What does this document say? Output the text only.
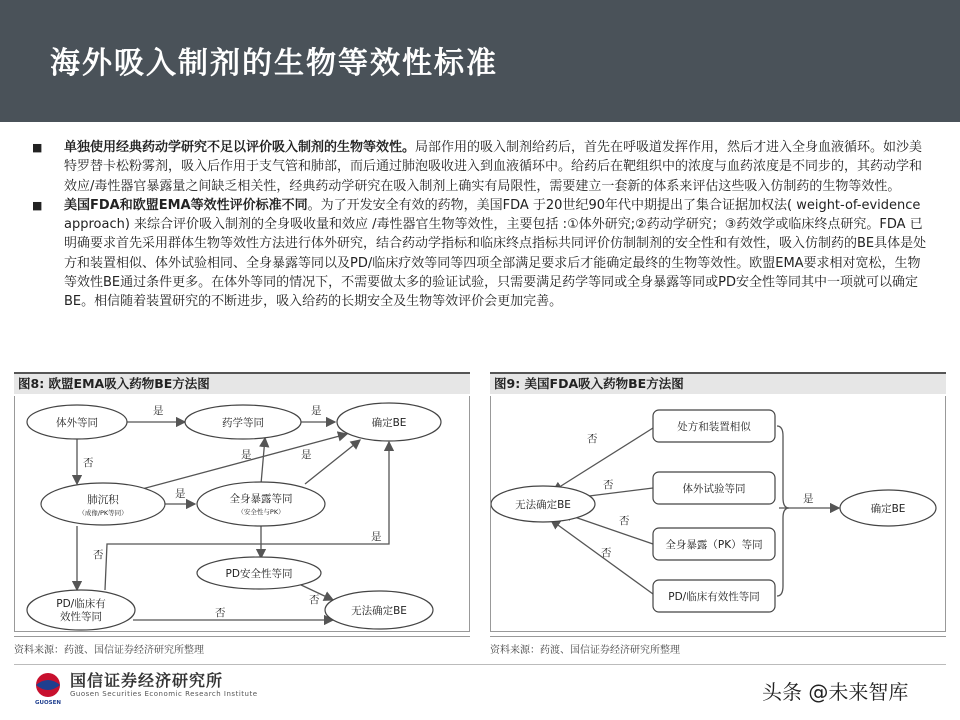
海外吸入制剂的生物等效性标准
■	单独使用经典药动学研究不足以评价吸入制剂的生物等效性。局部作用的吸入制剂给药后，首先在呼吸道发挥作用，然后才进入全身血液循环。如沙美特罗替卡松粉雾剂，吸入后作用于支气管和肺部，而后通过肺泡吸收进入到血液循环中。给药后在靶组织中的浓度与血药浓度是不同步的，其药动学和效应/毒性器官暴露量之间缺乏相关性，经典药动学研究在吸入制剂上确实有局限性，需要建立一套新的体系来评估这些吸入仿制药的生物等效性。
■	美国FDA和欧盟EMA等效性评价标准不同。为了开发安全有效的药物，美国FDA 于20世纪90年代中期提出了集合证据加权法( weight-of-evidence approach) 来综合评价吸入制剂的全身吸收量和效应 /毒性器官生物等效性，主要包括 :①体外研究;②药动学研究；③药效学或临床终点研究。FDA 已明确要求首先采用群体生物等效性方法进行体外研究，结合药动学指标和临床终点指标共同评价仿制制剂的安全性和有效性，吸入仿制药的BE具体是处方和装置相似、体外试验相同、全身暴露等同以及PD/临床疗效等同等四项全部满足要求后才能确定最终的生物等效性。欧盟EMA要求相对宽松，生物等效性BE通过条件更多。在体外等同的情况下，不需要做太多的验证试验，只需要满足药学等同或全身暴露等同或PD安全性等同其中一项就可以确定BE。相信随着装置研究的不断进步，吸入给药的长期安全及生物等效评价会更加完善。
图8: 欧盟EMA吸入药物BE方法图
体外等同	药学等同	确定BE
肺沉积
（成像/PK等同）
全身暴露等同
（安全性与PK）
PD安全性等同
PD/临床有
效性等同	无法确定BE
是	是
否
是
是	是
否
否
否
是
资料来源：药渡、国信证券经济研究所整理
图9: 美国FDA吸入药物BE方法图
无法确定BE
处方和装置相似
体外试验等同
全身暴露（PK）等同
PD/临床有效性等同
确定BE
否
否
否
否
是
资料来源：药渡、国信证券经济研究所整理
GUOSEN
国信证券经济研究所
Guosen Securities Economic Research Institute	头条 @未来智库
